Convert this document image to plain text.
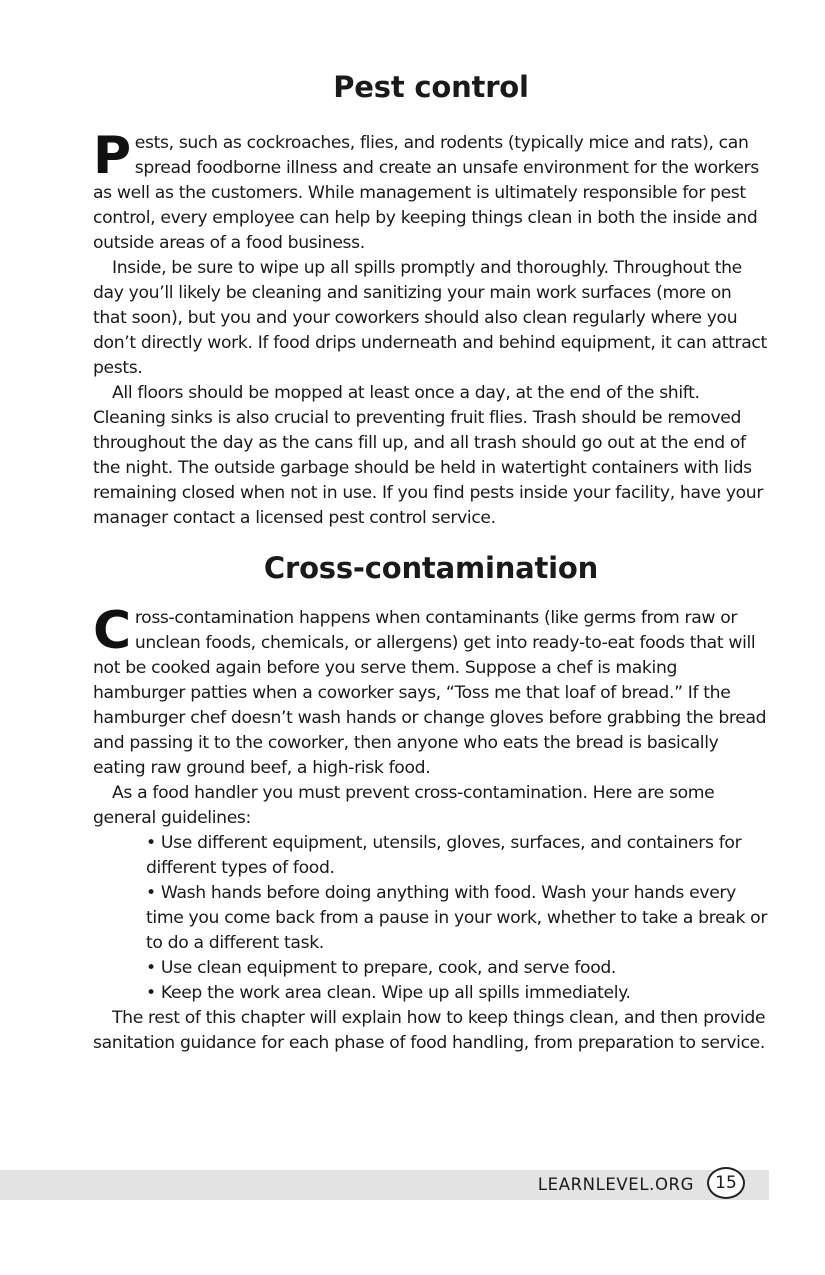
Pest control

Pests, such as cockroaches, flies, and rodents (typically mice and rats), can spread foodborne illness and create an unsafe environment for the workers as well as the customers. While management is ultimately responsible for pest control, every employee can help by keeping things clean in both the inside and outside areas of a food business.

Inside, be sure to wipe up all spills promptly and thoroughly. Throughout the day you’ll likely be cleaning and sanitizing your main work surfaces (more on that soon), but you and your coworkers should also clean regularly where you don’t directly work. If food drips underneath and behind equipment, it can attract pests.

All floors should be mopped at least once a day, at the end of the shift. Cleaning sinks is also crucial to preventing fruit flies. Trash should be removed throughout the day as the cans fill up, and all trash should go out at the end of the night. The outside garbage should be held in watertight containers with lids remaining closed when not in use. If you find pests inside your facility, have your manager contact a licensed pest control service.

Cross-contamination

Cross-contamination happens when contaminants (like germs from raw or unclean foods, chemicals, or allergens) get into ready-to-eat foods that will not be cooked again before you serve them. Suppose a chef is making hamburger patties when a coworker says, “Toss me that loaf of bread.” If the hamburger chef doesn’t wash hands or change gloves before grabbing the bread and passing it to the coworker, then anyone who eats the bread is basically eating raw ground beef, a high-risk food.

As a food handler you must prevent cross-contamination. Here are some general guidelines:

• Use different equipment, utensils, gloves, surfaces, and containers for different types of food.
• Wash hands before doing anything with food. Wash your hands every time you come back from a pause in your work, whether to take a break or to do a different task.
• Use clean equipment to prepare, cook, and serve food.
• Keep the work area clean. Wipe up all spills immediately.

The rest of this chapter will explain how to keep things clean, and then provide sanitation guidance for each phase of food handling, from preparation to service.

LEARNLEVEL.ORG	15
